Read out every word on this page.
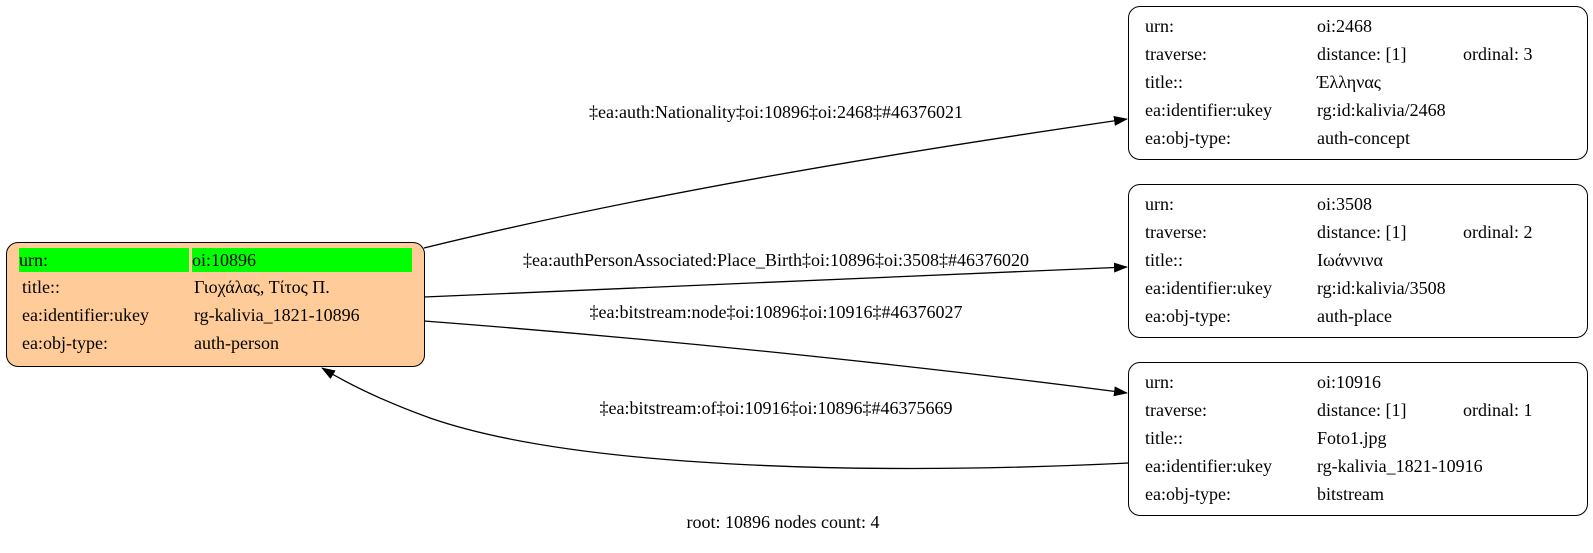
urn:	oi:10896
title::	Γιοχάλας, Τίτος Π.
ea:identifier:ukey	rg-kalivia_1821-10896
ea:obj-type:	auth-person
urn:	oi:2468
traverse:	distance: [1]	ordinal: 3
title::	Έλληνας
ea:identifier:ukey	rg:id:kalivia/2468
ea:obj-type:	auth-concept
urn:	oi:3508
traverse:	distance: [1]	ordinal: 2
title::	Ιωάννινα
ea:identifier:ukey	rg:id:kalivia/3508
ea:obj-type:	auth-place
urn:	oi:10916
traverse:	distance: [1]	ordinal: 1
title::	Foto1.jpg
ea:identifier:ukey	rg-kalivia_1821-10916
ea:obj-type:	bitstream
‡ea:auth:Nationality‡oi:10896‡oi:2468‡#46376021
‡ea:authPersonAssociated:Place_Birth‡oi:10896‡oi:3508‡#46376020
‡ea:bitstream:node‡oi:10896‡oi:10916‡#46376027
‡ea:bitstream:of‡oi:10916‡oi:10896‡#46375669
root: 10896 nodes count: 4
